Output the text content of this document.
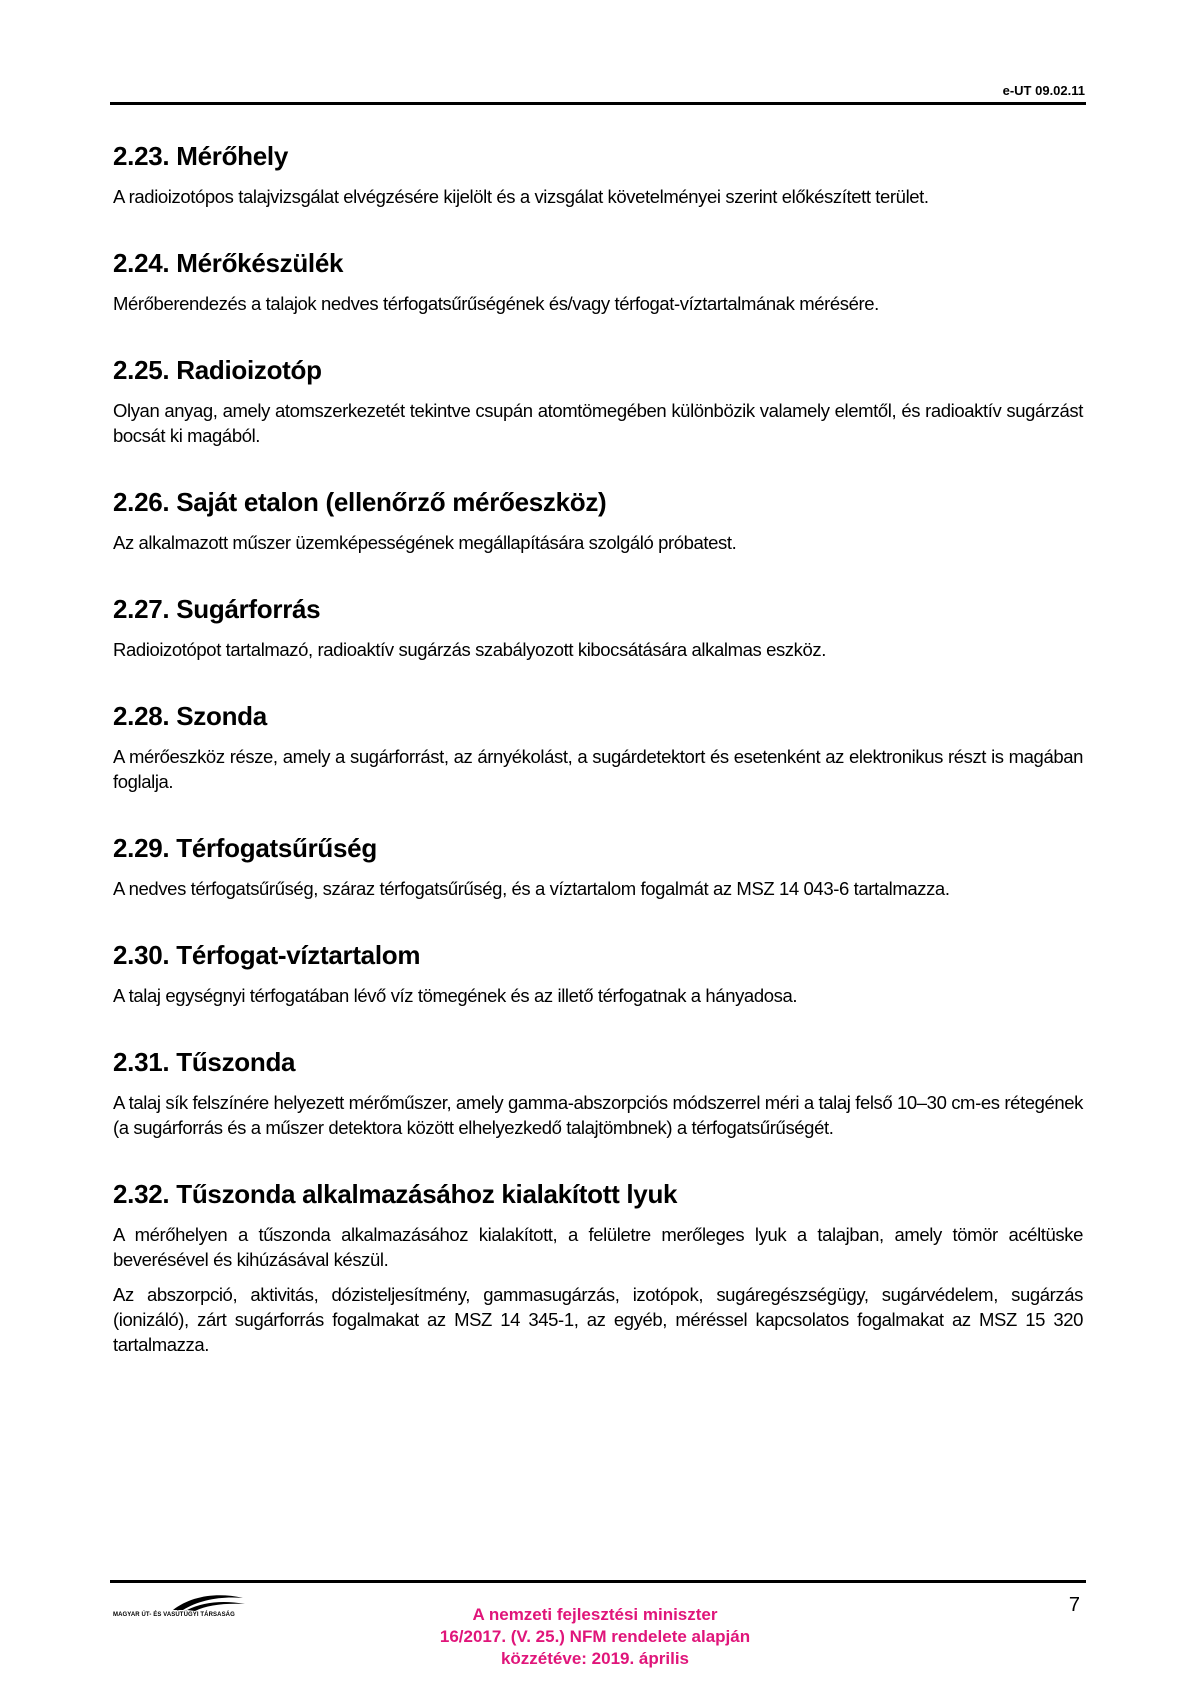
e-UT 09.02.11
2.23. Mérőhely

A radioizotópos talajvizsgálat elvégzésére kijelölt és a vizsgálat követelményei szerint előkészített terület.

2.24. Mérőkészülék

Mérőberendezés a talajok nedves térfogatsűrűségének és/vagy térfogat-víztartalmának mérésére.

2.25. Radioizotóp

Olyan anyag, amely atomszerkezetét tekintve csupán atomtömegében különbözik valamely elemtől, és radioaktív sugárzást bocsát ki magából.

2.26. Saját etalon (ellenőrző mérőeszköz)

Az alkalmazott műszer üzemképességének megállapítására szolgáló próbatest.

2.27. Sugárforrás

Radioizotópot tartalmazó, radioaktív sugárzás szabályozott kibocsátására alkalmas eszköz.

2.28. Szonda

A mérőeszköz része, amely a sugárforrást, az árnyékolást, a sugárdetektort és esetenként az elektronikus részt is magában foglalja.

2.29. Térfogatsűrűség

A nedves térfogatsűrűség, száraz térfogatsűrűség, és a víztartalom fogalmát az MSZ 14 043-6 tartalmazza.

2.30. Térfogat-víztartalom

A talaj egységnyi térfogatában lévő víz tömegének és az illető térfogatnak a hányadosa.

2.31. Tűszonda

A talaj sík felszínére helyezett mérőműszer, amely gamma-abszorpciós módszerrel méri a talaj felső 10–30 cm-es rétegének (a sugárforrás és a műszer detektora között elhelyezkedő talajtömbnek) a térfogatsűrűségét.

2.32. Tűszonda alkalmazásához kialakított lyuk

A mérőhelyen a tűszonda alkalmazásához kialakított, a felületre merőleges lyuk a talajban, amely tömör acéltüske beverésével és kihúzásával készül.

Az abszorpció, aktivitás, dózisteljesítmény, gammasugárzás, izotópok, sugáregészségügy, sugárvédelem, sugárzás (ionizáló), zárt sugárforrás fogalmakat az MSZ 14 345-1, az egyéb, méréssel kapcsolatos fogalmakat az MSZ 15 320 tartalmazza.

MAGYAR ÚT- ÉS VASÚTÜGYI TÁRSASÁG	7
A nemzeti fejlesztési miniszter
16/2017. (V. 25.) NFM rendelete alapján
közzétéve: 2019. április
